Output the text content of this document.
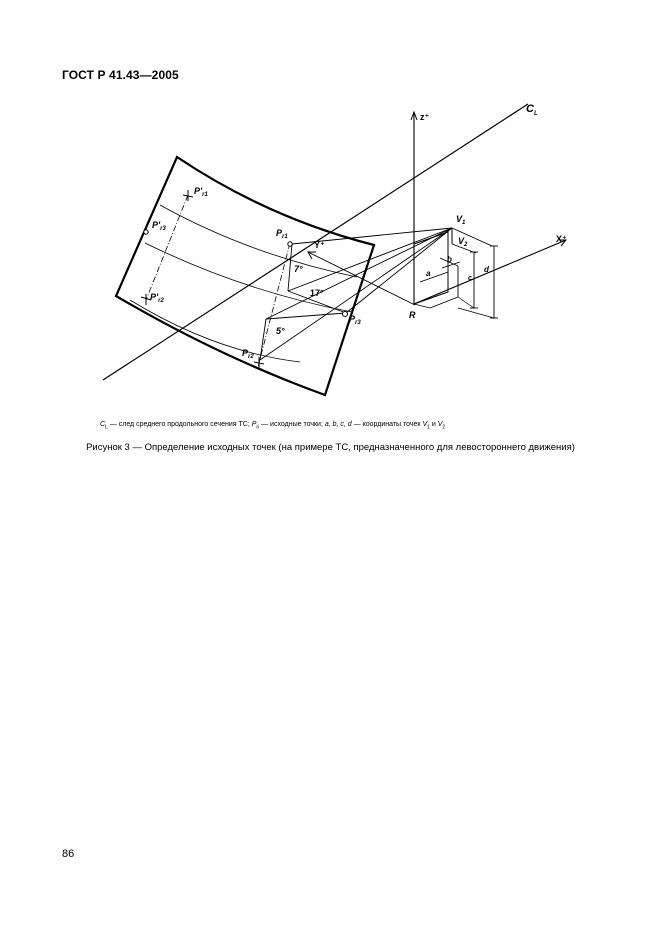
ГОСТ Р 41.43—2005
$C_L$
z⁺
X⁺
Y⁺
$V_1$
$V_2$
R
a
b
c
d
7°
17°
5°
$P_{r1}$
$P_{r3}$
$P_{r2}$
$P'_{r1}$
$P'_{r3}$
$P'_{r2}$
$C_L$ — след среднего продольного сечения ТС; $P_{ri}$ — исходные точки; a, b, c, d — координаты точек $V_1$ и $V_2$
Рисунок 3 — Определение исходных точек (на примере ТС, предназначенного для левостороннего движения)
86
